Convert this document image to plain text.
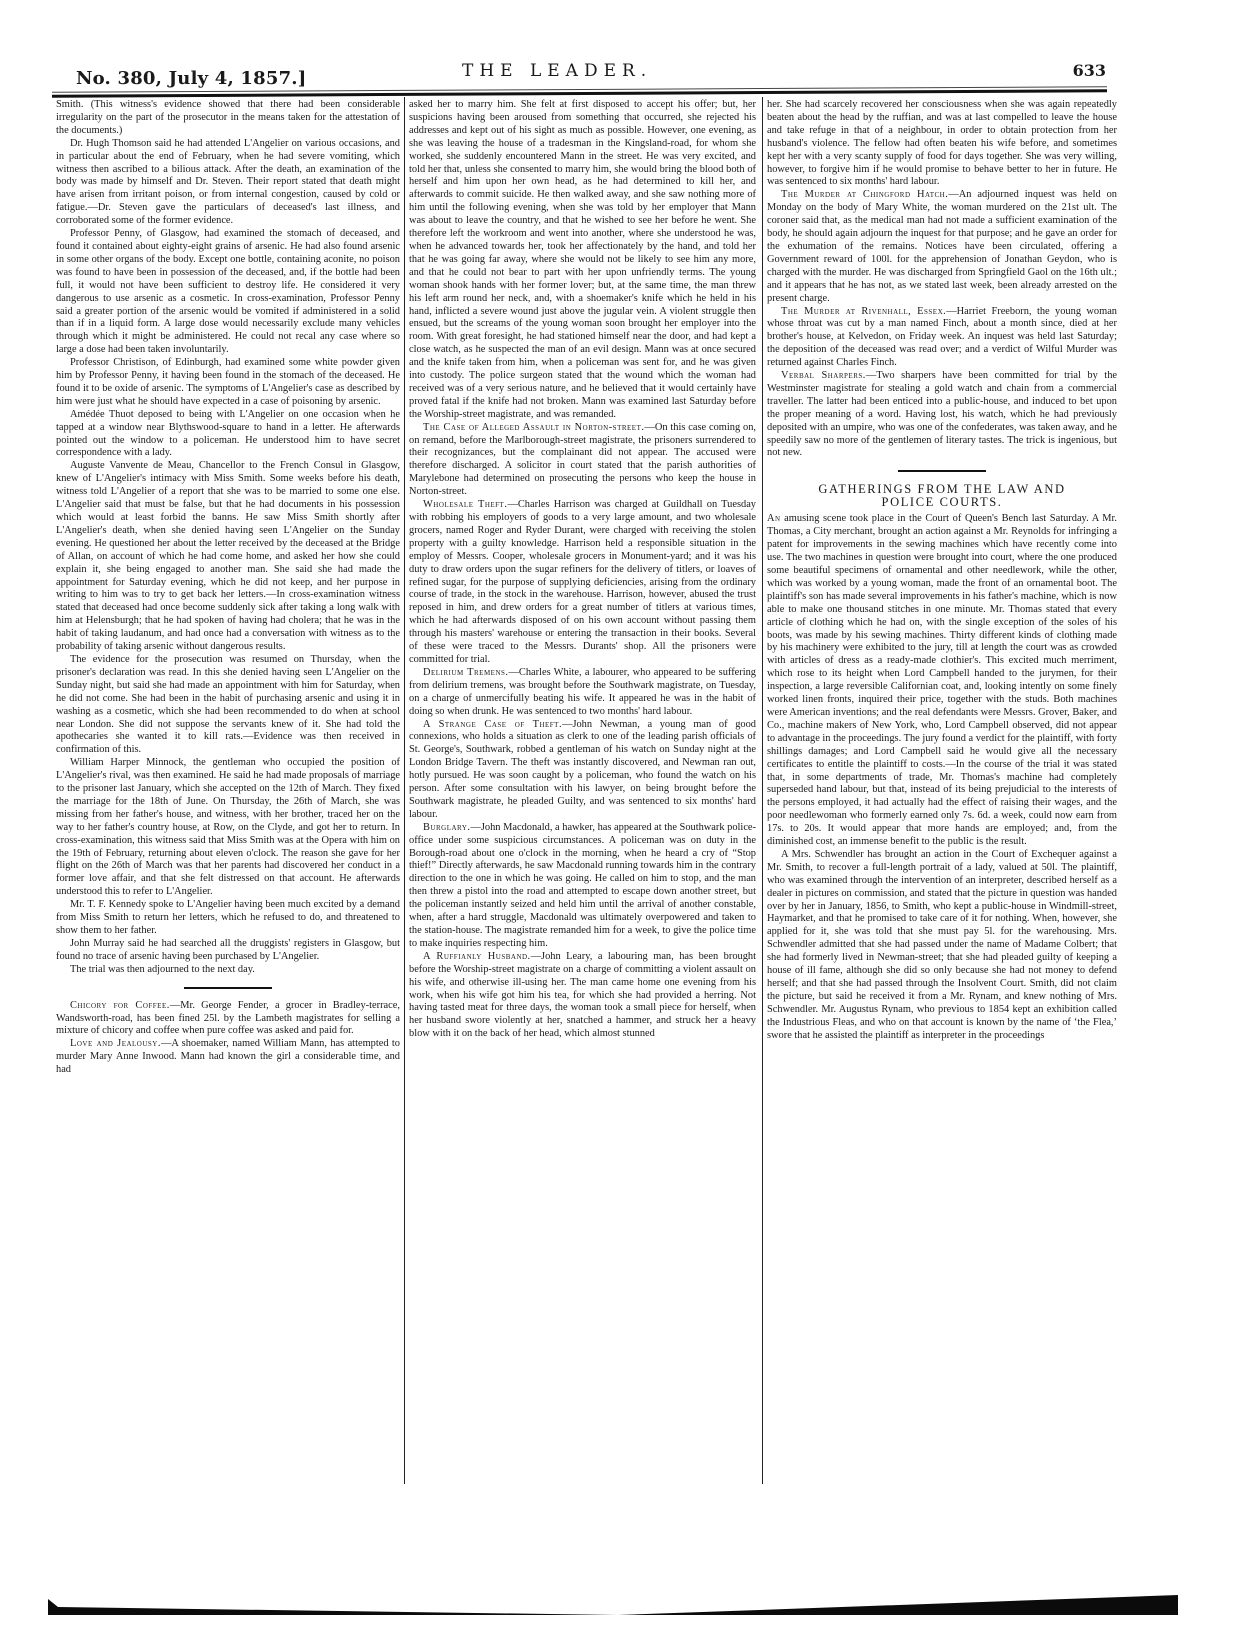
No. 380, July 4, 1857.]	THE LEADER.	633

Smith. (This witness's evidence showed that there had been considerable irregularity on the part of the prosecutor in the means taken for the attestation of the documents.)

Dr. Hugh Thomson said he had attended L'Angelier on various occasions, and in particular about the end of February, when he had severe vomiting, which witness then ascribed to a bilious attack. After the death, an examination of the body was made by himself and Dr. Steven. Their report stated that death might have arisen from irritant poison, or from internal congestion, caused by cold or fatigue.—Dr. Steven gave the particulars of deceased's last illness, and corroborated some of the former evidence.

Professor Penny, of Glasgow, had examined the stomach of deceased, and found it contained about eighty-eight grains of arsenic. He had also found arsenic in some other organs of the body. Except one bottle, containing aconite, no poison was found to have been in possession of the deceased, and, if the bottle had been full, it would not have been sufficient to destroy life. He considered it very dangerous to use arsenic as a cosmetic. In cross-examination, Professor Penny said a greater portion of the arsenic would be vomited if administered in a solid than if in a liquid form. A large dose would necessarily exclude many vehicles through which it might be administered. He could not recal any case where so large a dose had been taken involuntarily.

Professor Christison, of Edinburgh, had examined some white powder given him by Professor Penny, it having been found in the stomach of the deceased. He found it to be oxide of arsenic. The symptoms of L'Angelier's case as described by him were just what he should have expected in a case of poisoning by arsenic.

Amédée Thuot deposed to being with L'Angelier on one occasion when he tapped at a window near Blythswood-square to hand in a letter. He afterwards pointed out the window to a policeman. He understood him to have secret correspondence with a lady.

Auguste Vanvente de Meau, Chancellor to the French Consul in Glasgow, knew of L'Angelier's intimacy with Miss Smith. Some weeks before his death, witness told L'Angelier of a report that she was to be married to some one else. L'Angelier said that must be false, but that he had documents in his possession which would at least forbid the banns. He saw Miss Smith shortly after L'Angelier's death, when she denied having seen L'Angelier on the Sunday evening. He questioned her about the letter received by the deceased at the Bridge of Allan, on account of which he had come home, and asked her how she could explain it, she being engaged to another man. She said she had made the appointment for Saturday evening, which he did not keep, and her purpose in writing to him was to try to get back her letters.—In cross-examination witness stated that deceased had once become suddenly sick after taking a long walk with him at Helensburgh; that he had spoken of having had cholera; that he was in the habit of taking laudanum, and had once had a conversation with witness as to the probability of taking arsenic without dangerous results.

The evidence for the prosecution was resumed on Thursday, when the prisoner's declaration was read. In this she denied having seen L'Angelier on the Sunday night, but said she had made an appointment with him for Saturday, when he did not come. She had been in the habit of purchasing arsenic and using it in washing as a cosmetic, which she had been recommended to do when at school near London. She did not suppose the servants knew of it. She had told the apothecaries she wanted it to kill rats.—Evidence was then received in confirmation of this.

William Harper Minnock, the gentleman who occupied the position of L'Angelier's rival, was then examined. He said he had made proposals of marriage to the prisoner last January, which she accepted on the 12th of March. They fixed the marriage for the 18th of June. On Thursday, the 26th of March, she was missing from her father's house, and witness, with her brother, traced her on the way to her father's country house, at Row, on the Clyde, and got her to return. In cross-examination, this witness said that Miss Smith was at the Opera with him on the 19th of February, returning about eleven o'clock. The reason she gave for her flight on the 26th of March was that her parents had discovered her conduct in a former love affair, and that she felt distressed on that account. He afterwards understood this to refer to L'Angelier.

Mr. T. F. Kennedy spoke to L'Angelier having been much excited by a demand from Miss Smith to return her letters, which he refused to do, and threatened to show them to her father.

John Murray said he had searched all the druggists' registers in Glasgow, but found no trace of arsenic having been purchased by L'Angelier.

The trial was then adjourned to the next day.

Chicory for Coffee.—Mr. George Fender, a grocer in Bradley-terrace, Wandsworth-road, has been fined 25l. by the Lambeth magistrates for selling a mixture of chicory and coffee when pure coffee was asked and paid for.

Love and Jealousy.—A shoemaker, named William Mann, has attempted to murder Mary Anne Inwood. Mann had known the girl a considerable time, and had

asked her to marry him. She felt at first disposed to accept his offer; but, her suspicions having been aroused from something that occurred, she rejected his addresses and kept out of his sight as much as possible. However, one evening, as she was leaving the house of a tradesman in the Kingsland-road, for whom she worked, she suddenly encountered Mann in the street. He was very excited, and told her that, unless she consented to marry him, she would bring the blood both of herself and him upon her own head, as he had determined to kill her, and afterwards to commit suicide. He then walked away, and she saw nothing more of him until the following evening, when she was told by her employer that Mann was about to leave the country, and that he wished to see her before he went. She therefore left the workroom and went into another, where she understood he was, when he advanced towards her, took her affectionately by the hand, and told her that he was going far away, where she would not be likely to see him any more, and that he could not bear to part with her upon unfriendly terms. The young woman shook hands with her former lover; but, at the same time, the man threw his left arm round her neck, and, with a shoemaker's knife which he held in his hand, inflicted a severe wound just above the jugular vein. A violent struggle then ensued, but the screams of the young woman soon brought her employer into the room. With great foresight, he had stationed himself near the door, and had kept a close watch, as he suspected the man of an evil design. Mann was at once secured and the knife taken from him, when a policeman was sent for, and he was given into custody. The police surgeon stated that the wound which the woman had received was of a very serious nature, and he believed that it would certainly have proved fatal if the knife had not broken. Mann was examined last Saturday before the Worship-street magistrate, and was remanded.

The Case of Alleged Assault in Norton-street.—On this case coming on, on remand, before the Marlborough-street magistrate, the prisoners surrendered to their recognizances, but the complainant did not appear. The accused were therefore discharged. A solicitor in court stated that the parish authorities of Marylebone had determined on prosecuting the persons who keep the house in Norton-street.

Wholesale Theft.—Charles Harrison was charged at Guildhall on Tuesday with robbing his employers of goods to a very large amount, and two wholesale grocers, named Roger and Ryder Durant, were charged with receiving the stolen property with a guilty knowledge. Harrison held a responsible situation in the employ of Messrs. Cooper, wholesale grocers in Monument-yard; and it was his duty to draw orders upon the sugar refiners for the delivery of titlers, or loaves of refined sugar, for the purpose of supplying deficiencies, arising from the ordinary course of trade, in the stock in the warehouse. Harrison, however, abused the trust reposed in him, and drew orders for a great number of titlers at various times, which he had afterwards disposed of on his own account without passing them through his masters' warehouse or entering the transaction in their books. Several of these were traced to the Messrs. Durants' shop. All the prisoners were committed for trial.

Delirium Tremens.—Charles White, a labourer, who appeared to be suffering from delirium tremens, was brought before the Southwark magistrate, on Tuesday, on a charge of unmercifully beating his wife. It appeared he was in the habit of doing so when drunk. He was sentenced to two months' hard labour.

A Strange Case of Theft.—John Newman, a young man of good connexions, who holds a situation as clerk to one of the leading parish officials of St. George's, Southwark, robbed a gentleman of his watch on Sunday night at the London Bridge Tavern. The theft was instantly discovered, and Newman ran out, hotly pursued. He was soon caught by a policeman, who found the watch on his person. After some consultation with his lawyer, on being brought before the Southwark magistrate, he pleaded Guilty, and was sentenced to six months' hard labour.

Burglary.—John Macdonald, a hawker, has appeared at the Southwark police-office under some suspicious circumstances. A policeman was on duty in the Borough-road about one o'clock in the morning, when he heard a cry of “Stop thief!” Directly afterwards, he saw Macdonald running towards him in the contrary direction to the one in which he was going. He called on him to stop, and the man then threw a pistol into the road and attempted to escape down another street, but the policeman instantly seized and held him until the arrival of another constable, when, after a hard struggle, Macdonald was ultimately overpowered and taken to the station-house. The magistrate remanded him for a week, to give the police time to make inquiries respecting him.

A Ruffianly Husband.—John Leary, a labouring man, has been brought before the Worship-street magistrate on a charge of committing a violent assault on his wife, and otherwise ill-using her. The man came home one evening from his work, when his wife got him his tea, for which she had provided a herring. Not having tasted meat for three days, the woman took a small piece for herself, when her husband swore violently at her, snatched a hammer, and struck her a heavy blow with it on the back of her head, which almost stunned

her. She had scarcely recovered her consciousness when she was again repeatedly beaten about the head by the ruffian, and was at last compelled to leave the house and take refuge in that of a neighbour, in order to obtain protection from her husband's violence. The fellow had often beaten his wife before, and sometimes kept her with a very scanty supply of food for days together. She was very willing, however, to forgive him if he would promise to behave better to her in future. He was sentenced to six months' hard labour.

The Murder at Chingford Hatch.—An adjourned inquest was held on Monday on the body of Mary White, the woman murdered on the 21st ult. The coroner said that, as the medical man had not made a sufficient examination of the body, he should again adjourn the inquest for that purpose; and he gave an order for the exhumation of the remains. Notices have been circulated, offering a Government reward of 100l. for the apprehension of Jonathan Geydon, who is charged with the murder. He was discharged from Springfield Gaol on the 16th ult.; and it appears that he has not, as we stated last week, been already arrested on the present charge.

The Murder at Rivenhall, Essex.—Harriet Freeborn, the young woman whose throat was cut by a man named Finch, about a month since, died at her brother's house, at Kelvedon, on Friday week. An inquest was held last Saturday; the deposition of the deceased was read over; and a verdict of Wilful Murder was returned against Charles Finch.

Verbal Sharpers.—Two sharpers have been committed for trial by the Westminster magistrate for stealing a gold watch and chain from a commercial traveller. The latter had been enticed into a public-house, and induced to bet upon the proper meaning of a word. Having lost, his watch, which he had previously deposited with an umpire, who was one of the confederates, was taken away, and he speedily saw no more of the gentlemen of literary tastes. The trick is ingenious, but not new.

GATHERINGS FROM THE LAW AND
POLICE COURTS.

An amusing scene took place in the Court of Queen's Bench last Saturday. A Mr. Thomas, a City merchant, brought an action against a Mr. Reynolds for infringing a patent for improvements in the sewing machines which have recently come into use. The two machines in question were brought into court, where the one produced some beautiful specimens of ornamental and other needlework, while the other, which was worked by a young woman, made the front of an ornamental boot. The plaintiff's son has made several improvements in his father's machine, which is now able to make one thousand stitches in one minute. Mr. Thomas stated that every article of clothing which he had on, with the single exception of the soles of his boots, was made by his sewing machines. Thirty different kinds of clothing made by his machinery were exhibited to the jury, till at length the court was as crowded with articles of dress as a ready-made clothier's. This excited much merriment, which rose to its height when Lord Campbell handed to the jurymen, for their inspection, a large reversible Californian coat, and, looking intently on some finely worked linen fronts, inquired their price, together with the studs. Both machines were American inventions; and the real defendants were Messrs. Grover, Baker, and Co., machine makers of New York, who, Lord Campbell observed, did not appear to advantage in the proceedings. The jury found a verdict for the plaintiff, with forty shillings damages; and Lord Campbell said he would give all the necessary certificates to entitle the plaintiff to costs.—In the course of the trial it was stated that, in some departments of trade, Mr. Thomas's machine had completely superseded hand labour, but that, instead of its being prejudicial to the interests of the persons employed, it had actually had the effect of raising their wages, and the poor needlewoman who formerly earned only 7s. 6d. a week, could now earn from 17s. to 20s. It would appear that more hands are employed; and, from the diminished cost, an immense benefit to the public is the result.

A Mrs. Schwendler has brought an action in the Court of Exchequer against a Mr. Smith, to recover a full-length portrait of a lady, valued at 50l. The plaintiff, who was examined through the intervention of an interpreter, described herself as a dealer in pictures on commission, and stated that the picture in question was handed over by her in January, 1856, to Smith, who kept a public-house in Windmill-street, Haymarket, and that he promised to take care of it for nothing. When, however, she applied for it, she was told that she must pay 5l. for the warehousing. Mrs. Schwendler admitted that she had passed under the name of Madame Colbert; that she had formerly lived in Newman-street; that she had pleaded guilty of keeping a house of ill fame, although she did so only because she had not money to defend herself; and that she had passed through the Insolvent Court. Smith, did not claim the picture, but said he received it from a Mr. Rynam, and knew nothing of Mrs. Schwendler. Mr. Augustus Rynam, who previous to 1854 kept an exhibition called the Industrious Fleas, and who on that account is known by the name of ‘the Flea,’ swore that he assisted the plaintiff as interpreter in the proceedings
